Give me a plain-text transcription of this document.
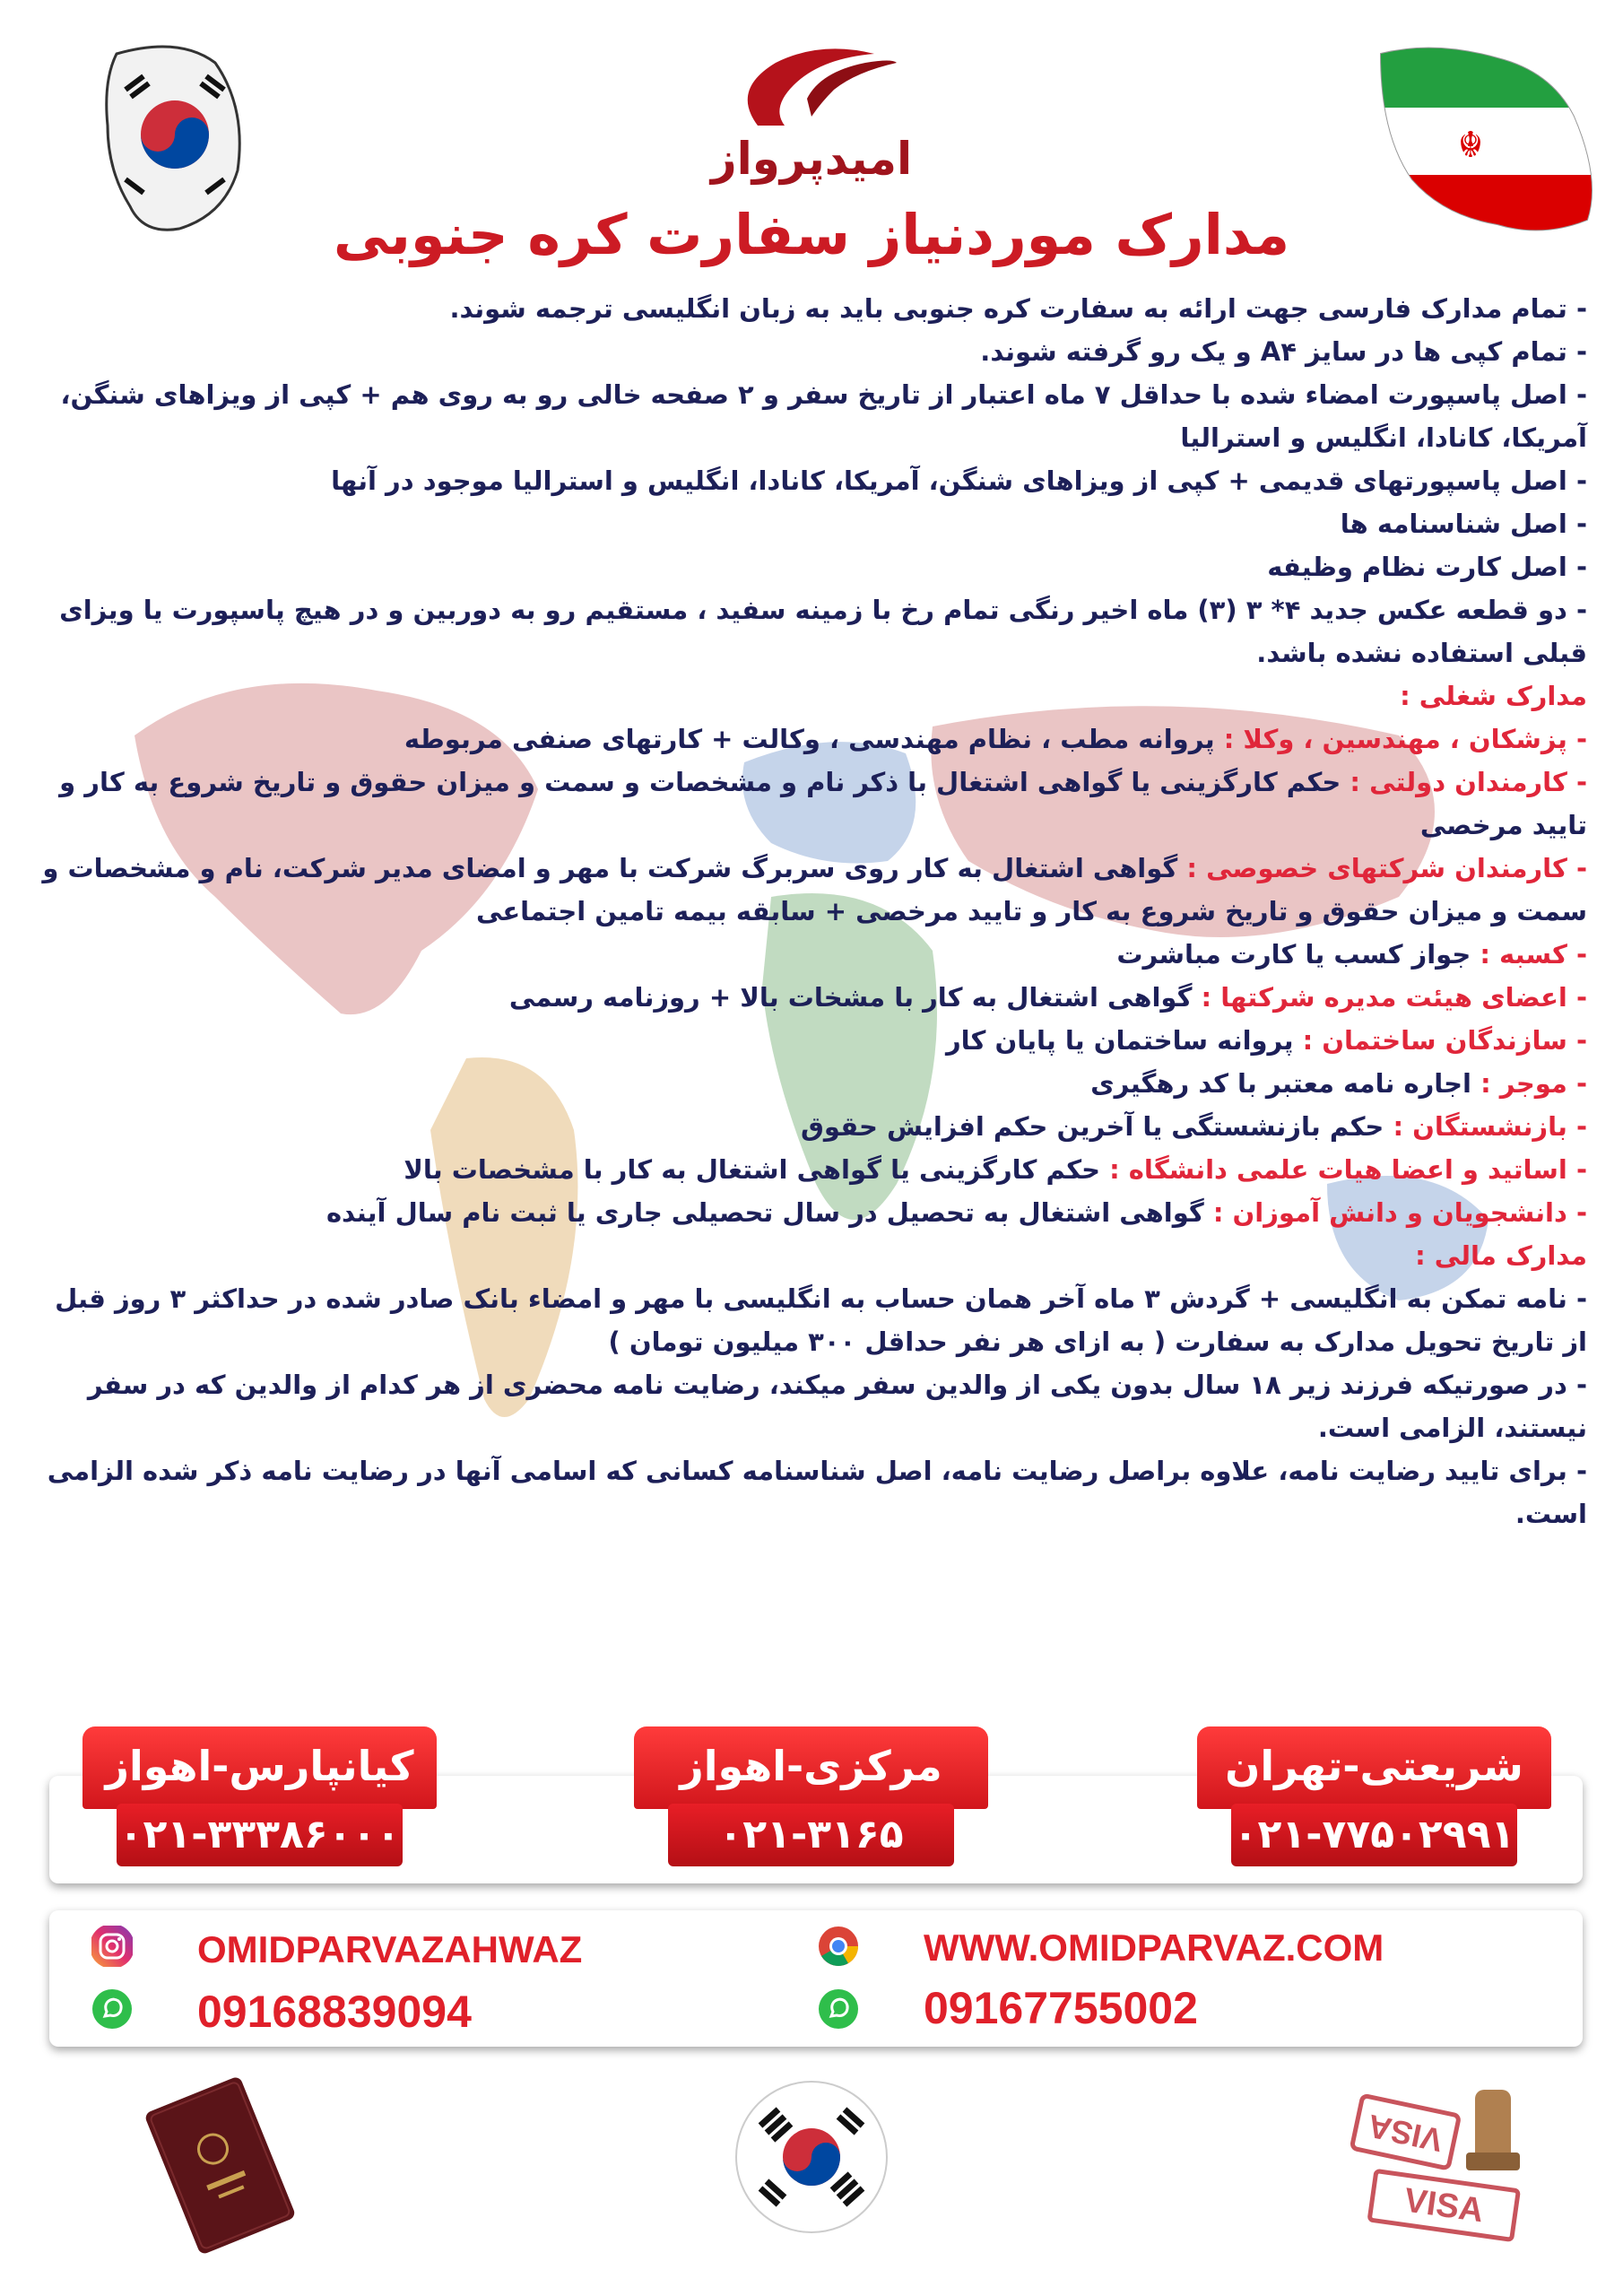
امیدپرواز	☬
مدارک موردنیاز سفارت کره جنوبی

- تمام مدارک فارسی جهت ارائه به سفارت کره جنوبی باید به زبان انگلیسی ترجمه شوند.

- تمام کپی ها در سایز A۴ و یک رو گرفته شوند.

- اصل پاسپورت امضاء شده با حداقل ۷ ماه اعتبار از تاریخ سفر و ۲ صفحه خالی رو به روی هم + کپی از ویزاهای شنگن، آمریکا، کانادا، انگلیس و استرالیا

- اصل پاسپورتهای قدیمی + کپی از ویزاهای شنگن، آمریکا، کانادا، انگلیس و استرالیا موجود در آنها

- اصل شناسنامه ها

- اصل کارت نظام وظیفه

- دو قطعه عکس جدید ۴* ۳ (۳) ماه اخیر رنگی تمام رخ با زمینه سفید ، مستقیم رو به دوربین و در هیچ پاسپورت یا ویزای قبلی استفاده نشده باشد.

مدارک شغلی :

- پزشکان ، مهندسین ، وکلا : پروانه مطب ، نظام مهندسی ، وکالت + کارتهای صنفی مربوطه

- کارمندان دولتی : حکم کارگزینی یا گواهی اشتغال با ذکر نام و مشخصات و سمت و میزان حقوق و تاریخ شروع به کار و تایید مرخصی

- کارمندان شرکتهای خصوصی : گواهی اشتغال به کار روی سربرگ شرکت با مهر و امضای مدیر شرکت، نام و مشخصات و سمت و میزان حقوق و تاریخ شروع به کار و تایید مرخصی + سابقه بیمه تامین اجتماعی

- کسبه : جواز کسب یا کارت مباشرت

- اعضای هیئت مدیره شرکتها : گواهی اشتغال به کار با مشخات بالا + روزنامه رسمی

- سازندگان ساختمان : پروانه ساختمان یا پایان کار

- موجر : اجاره نامه معتبر با کد رهگیری

- بازنشستگان : حکم بازنشستگی یا آخرین حکم افزایش حقوق

- اساتید و اعضا هیات علمی دانشگاه : حکم کارگزینی یا گواهی اشتغال به کار با مشخصات بالا

- دانشجویان و دانش آموزان : گواهی اشتغال به تحصیل در سال تحصیلی جاری یا ثبت نام سال آینده

مدارک مالی :

- نامه تمکن به انگلیسی + گردش ۳ ماه آخر همان حساب به انگلیسی با مهر و امضاء بانک صادر شده در حداکثر ۳ روز قبل از تاریخ تحویل مدارک به سفارت ( به ازای هر نفر حداقل ۳۰۰ میلیون تومان )

- در صورتیکه فرزند زیر ۱۸ سال بدون یکی از والدین سفر میکند، رضایت نامه محضری از هر کدام از والدین که در سفر نیستند، الزامی است.

- برای تایید رضایت نامه، علاوه براصل رضایت نامه، اصل شناسنامه کسانی که اسامی آنها در رضایت نامه ذکر شده الزامی است.

شریعتی-تهران
۰۲۱-۷۷۵۰۲۹۹۱
مرکزی-اهواز
۰۲۱-۳۱۶۵
کیانپارس-اهواز
۰۲۱-۳۳۳۸۶۰۰۰
OMIDPARVAZAHWAZ
09168839094
WWW.OMIDPARVAZ.COM
09167755002
VISA
VISA
